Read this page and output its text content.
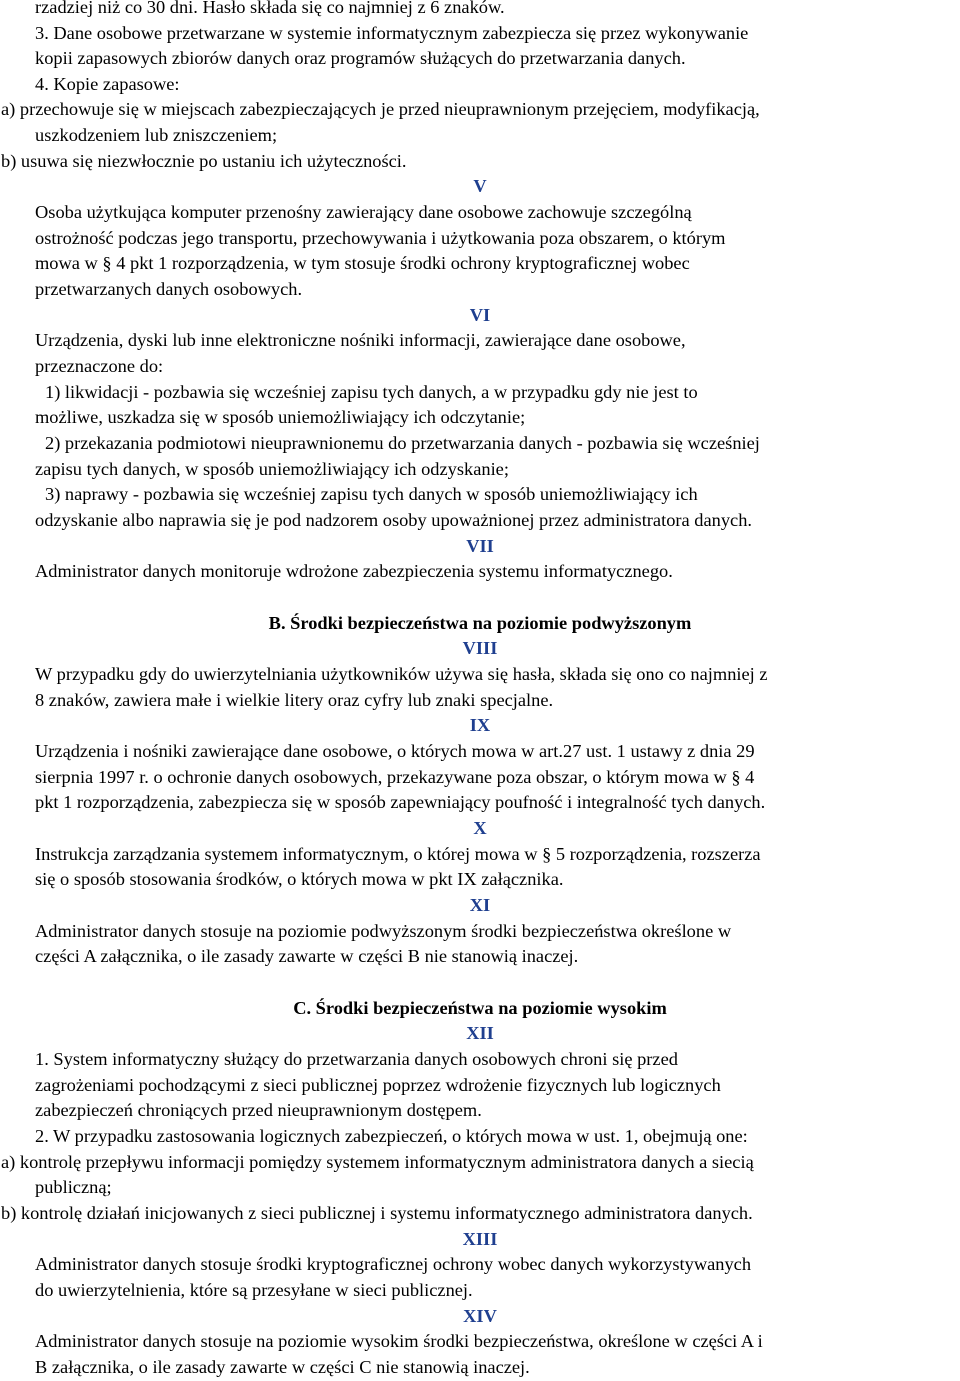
rzadziej niż co 30 dni. Hasło składa się co najmniej z 6 znaków.
3. Dane osobowe przetwarzane w systemie informatycznym zabezpiecza się przez wykonywanie
kopii zapasowych zbiorów danych oraz programów służących do przetwarzania danych.
4. Kopie zapasowe:
a) przechowuje się w miejscach zabezpieczających je przed nieuprawnionym przejęciem, modyfikacją,
uszkodzeniem lub zniszczeniem;
b) usuwa się niezwłocznie po ustaniu ich użyteczności.
V
Osoba użytkująca komputer przenośny zawierający dane osobowe zachowuje szczególną
ostrożność podczas jego transportu, przechowywania i użytkowania poza obszarem, o którym
mowa w § 4 pkt 1 rozporządzenia, w tym stosuje środki ochrony kryptograficznej wobec
przetwarzanych danych osobowych.
VI
Urządzenia, dyski lub inne elektroniczne nośniki informacji, zawierające dane osobowe,
przeznaczone do:
1) likwidacji - pozbawia się wcześniej zapisu tych danych, a w przypadku gdy nie jest to
możliwe, uszkadza się w sposób uniemożliwiający ich odczytanie;
2) przekazania podmiotowi nieuprawnionemu do przetwarzania danych - pozbawia się wcześniej
zapisu tych danych, w sposób uniemożliwiający ich odzyskanie;
3) naprawy - pozbawia się wcześniej zapisu tych danych w sposób uniemożliwiający ich
odzyskanie albo naprawia się je pod nadzorem osoby upoważnionej przez administratora danych.
VII
Administrator danych monitoruje wdrożone zabezpieczenia systemu informatycznego.
B. Środki bezpieczeństwa na poziomie podwyższonym
VIII
W przypadku gdy do uwierzytelniania użytkowników używa się hasła, składa się ono co najmniej z
8 znaków, zawiera małe i wielkie litery oraz cyfry lub znaki specjalne.
IX
Urządzenia i nośniki zawierające dane osobowe, o których mowa w art.27 ust. 1 ustawy z dnia 29
sierpnia 1997 r. o ochronie danych osobowych, przekazywane poza obszar, o którym mowa w § 4
pkt 1 rozporządzenia, zabezpiecza się w sposób zapewniający poufność i integralność tych danych.
X
Instrukcja zarządzania systemem informatycznym, o której mowa w § 5 rozporządzenia, rozszerza
się o sposób stosowania środków, o których mowa w pkt IX załącznika.
XI
Administrator danych stosuje na poziomie podwyższonym środki bezpieczeństwa określone w
części A załącznika, o ile zasady zawarte w części B nie stanowią inaczej.
C. Środki bezpieczeństwa na poziomie wysokim
XII
1. System informatyczny służący do przetwarzania danych osobowych chroni się przed
zagrożeniami pochodzącymi z sieci publicznej poprzez wdrożenie fizycznych lub logicznych
zabezpieczeń chroniących przed nieuprawnionym dostępem.
2. W przypadku zastosowania logicznych zabezpieczeń, o których mowa w ust. 1, obejmują one:
a) kontrolę przepływu informacji pomiędzy systemem informatycznym administratora danych a siecią
publiczną;
b) kontrolę działań inicjowanych z sieci publicznej i systemu informatycznego administratora danych.
XIII
Administrator danych stosuje środki kryptograficznej ochrony wobec danych wykorzystywanych
do uwierzytelnienia, które są przesyłane w sieci publicznej.
XIV
Administrator danych stosuje na poziomie wysokim środki bezpieczeństwa, określone w części A i
B załącznika, o ile zasady zawarte w części C nie stanowią inaczej.
